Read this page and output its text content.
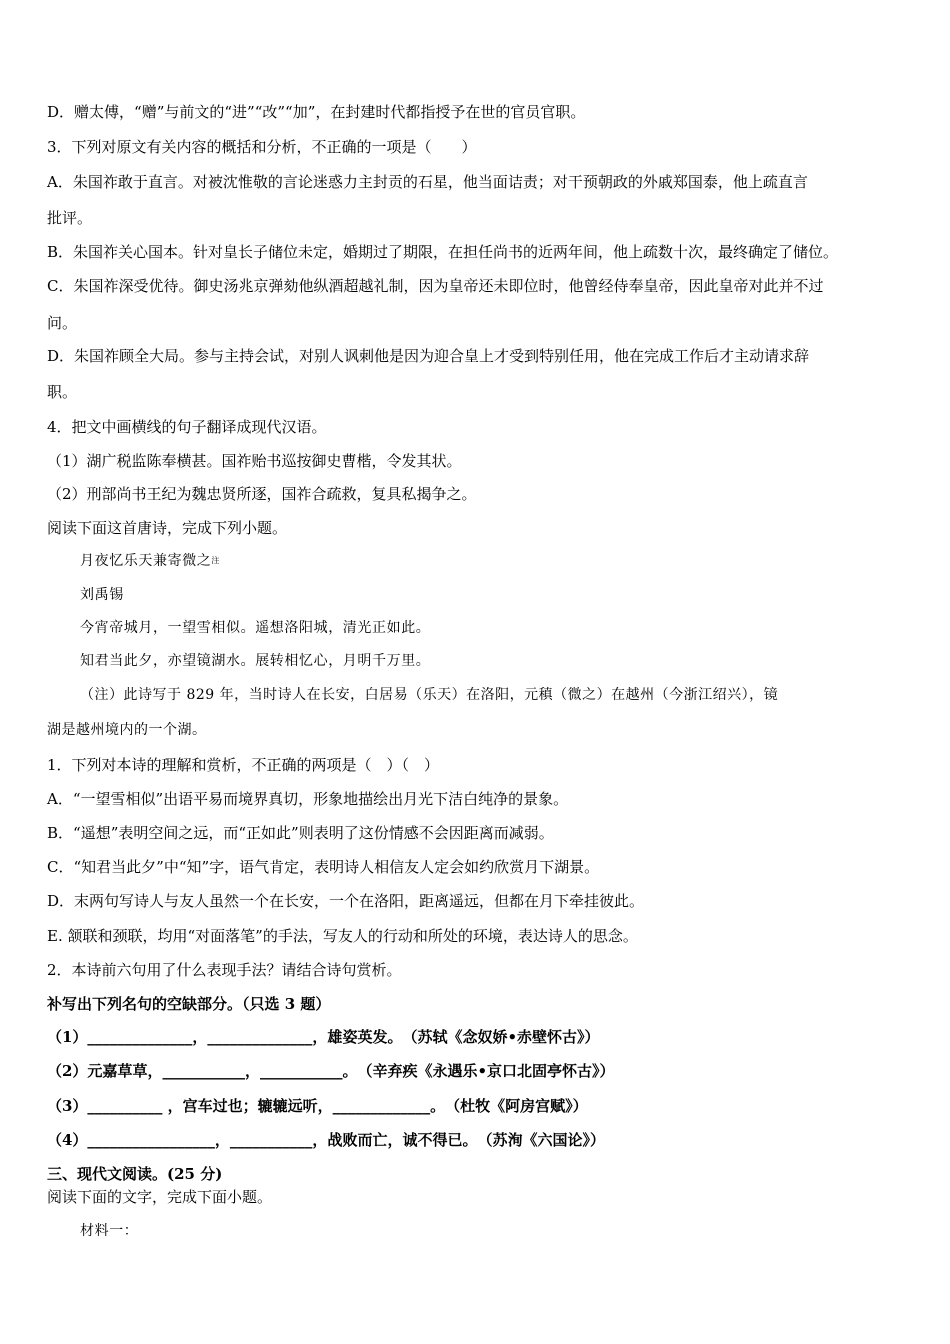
D．赠太傅，“赠”与前文的“进”“改”“加”，在封建时代都指授予在世的官员官职。
3．下列对原文有关内容的概括和分析，不正确的一项是（　　）
A．朱国祚敢于直言。对被沈惟敬的言论迷惑力主封贡的石星，他当面诘责；对干预朝政的外戚郑国泰，他上疏直言
批评。
B．朱国祚关心国本。针对皇长子储位未定，婚期过了期限，在担任尚书的近两年间，他上疏数十次，最终确定了储位。
C．朱国祚深受优待。御史汤兆京弹劾他纵酒超越礼制，因为皇帝还未即位时，他曾经侍奉皇帝，因此皇帝对此并不过
问。
D．朱国祚顾全大局。参与主持会试，对别人讽刺他是因为迎合皇上才受到特别任用，他在完成工作后才主动请求辞
职。
4．把文中画横线的句子翻译成现代汉语。
（1）湖广税监陈奉横甚。国祚贻书巡按御史曹楷，令发其状。
（2）刑部尚书王纪为魏忠贤所逐，国祚合疏救，复具私揭争之。
阅读下面这首唐诗，完成下列小题。
月夜忆乐天兼寄微之$^注$
刘禹锡
今宵帝城月，一望雪相似。遥想洛阳城，清光正如此。
知君当此夕，亦望镜湖水。展转相忆心，月明千万里。
（注）此诗写于 829 年，当时诗人在长安，白居易（乐天）在洛阳，元稹（微之）在越州（今浙江绍兴），镜
湖是越州境内的一个湖。
1．下列对本诗的理解和赏析，不正确的两项是（　）（　）
A．“一望雪相似”出语平易而境界真切，形象地描绘出月光下洁白纯净的景象。
B．“遥想”表明空间之远，而“正如此”则表明了这份情感不会因距离而减弱。
C．“知君当此夕”中“知”字，语气肯定，表明诗人相信友人定会如约欣赏月下湖景。
D．末两句写诗人与友人虽然一个在长安，一个在洛阳，距离遥远，但都在月下牵挂彼此。
E. 颔联和颈联，均用“对面落笔”的手法，写友人的行动和所处的环境，表达诗人的思念。
2．本诗前六句用了什么表现手法？请结合诗句赏析。
补写出下列名句的空缺部分。（只选 3 题）
（1）______________，______________，雄姿英发。　（苏轼《念奴娇•赤壁怀古》）
（2）元嘉草草，___________，___________。　（辛弃疾《永遇乐•京口北固亭怀古》）
（3）__________ ，宫车过也；辘辘远听，_____________。　（杜牧《阿房宫赋》）
（4）_________________，___________，战败而亡，诚不得已。　（苏洵《六国论》）
三、现代文阅读。(25 分)
阅读下面的文字，完成下面小题。
材料一：
